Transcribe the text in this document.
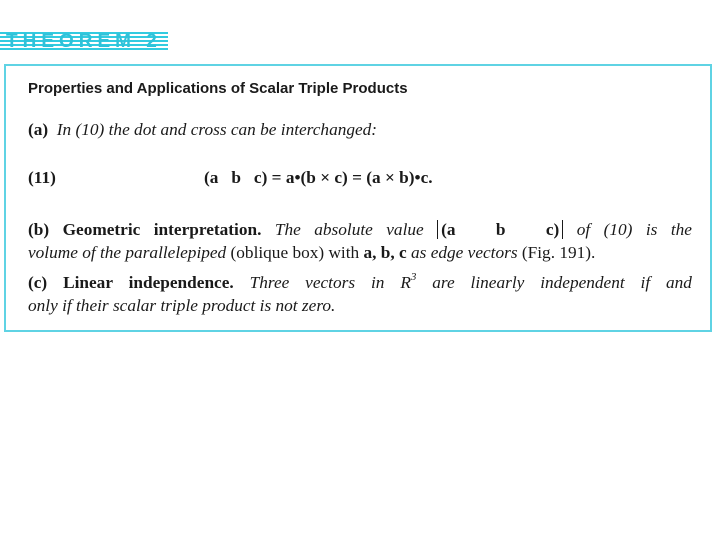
THEOREM 2
Properties and Applications of Scalar Triple Products
(a) In (10) the dot and cross can be interchanged:
(11)	(a   b   c) = a•(b × c) = (a × b)•c.
(b) Geometric interpretation. The absolute value (a   b   c) of (10) is the
volume of the parallelepiped (oblique box) with a, b, c as edge vectors (Fig. 191).
(c) Linear independence. Three vectors in $R^3$ are linearly independent if and
only if their scalar triple product is not zero.
